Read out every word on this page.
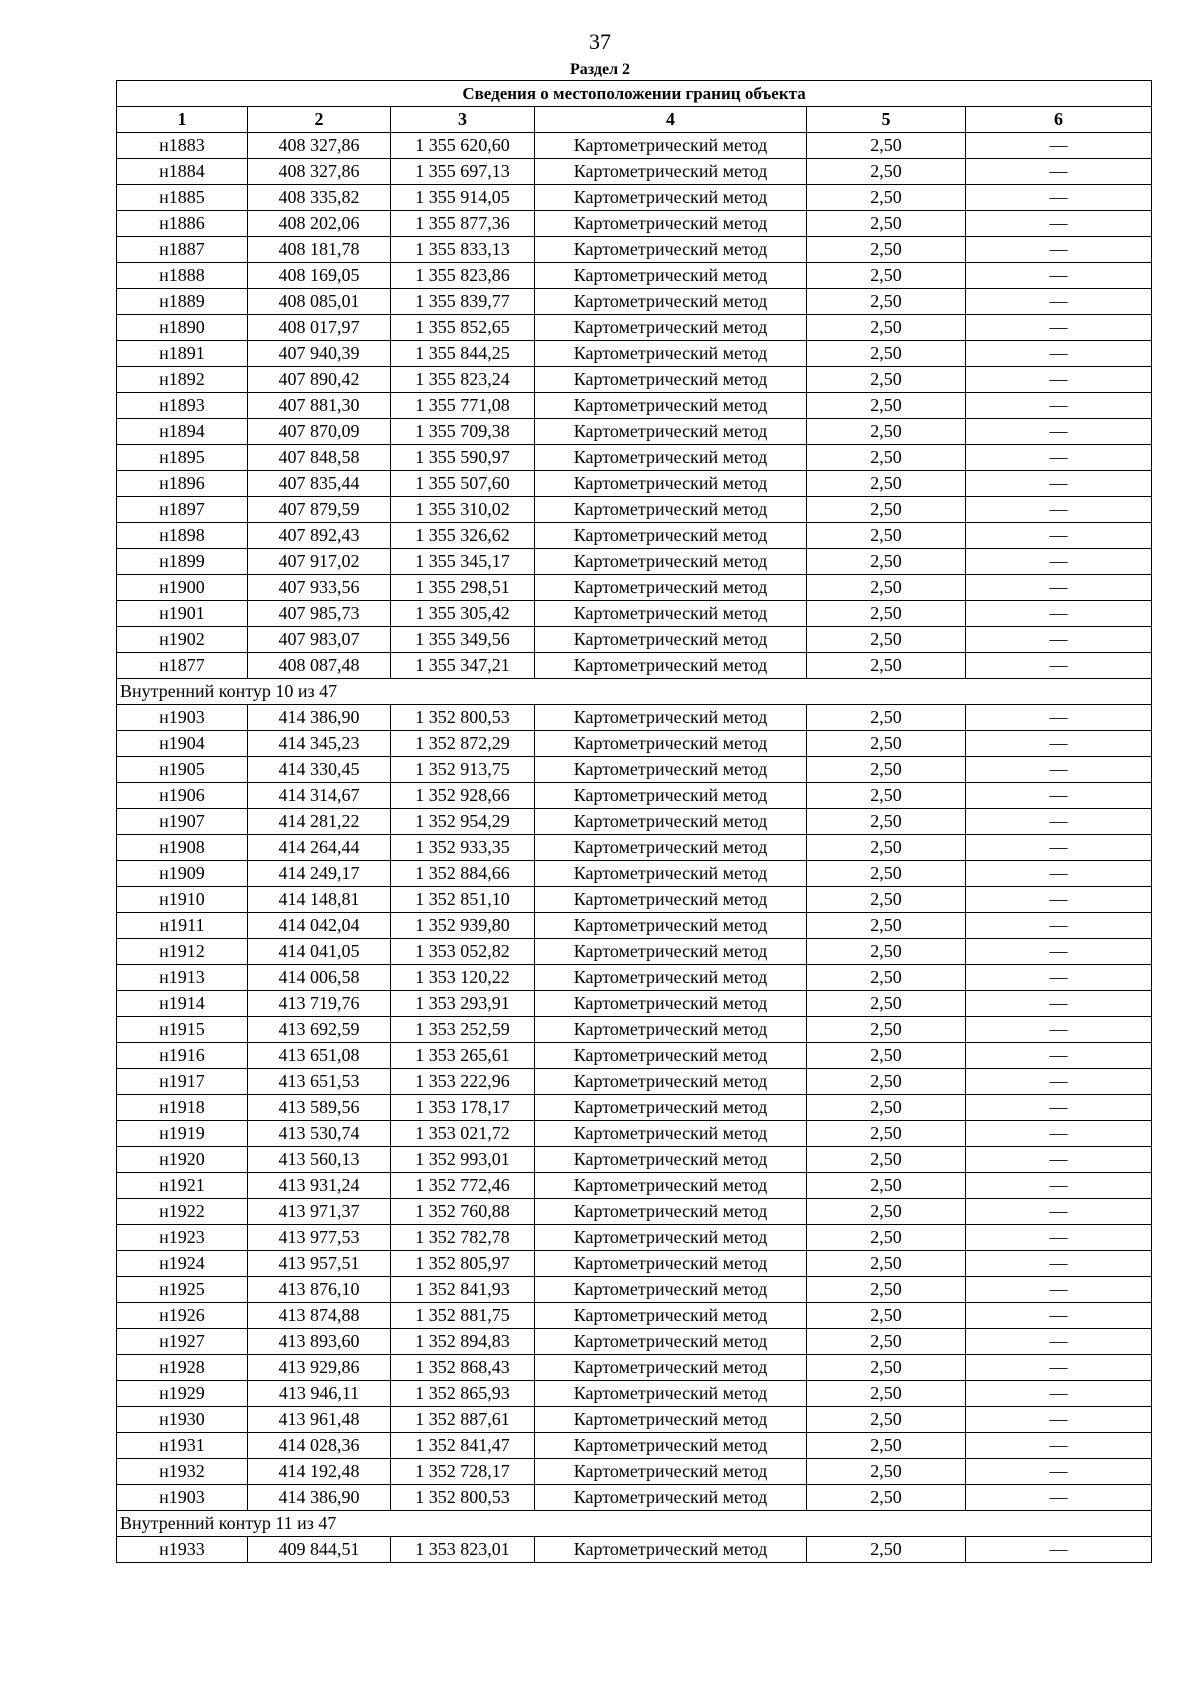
37
Раздел 2
Сведения о местоположении границ объекта					
1	2	3	4	5	6
н1883	408 327,86	1 355 620,60	Картометрический метод	2,50	—
н1884	408 327,86	1 355 697,13	Картометрический метод	2,50	—
н1885	408 335,82	1 355 914,05	Картометрический метод	2,50	—
н1886	408 202,06	1 355 877,36	Картометрический метод	2,50	—
н1887	408 181,78	1 355 833,13	Картометрический метод	2,50	—
н1888	408 169,05	1 355 823,86	Картометрический метод	2,50	—
н1889	408 085,01	1 355 839,77	Картометрический метод	2,50	—
н1890	408 017,97	1 355 852,65	Картометрический метод	2,50	—
н1891	407 940,39	1 355 844,25	Картометрический метод	2,50	—
н1892	407 890,42	1 355 823,24	Картометрический метод	2,50	—
н1893	407 881,30	1 355 771,08	Картометрический метод	2,50	—
н1894	407 870,09	1 355 709,38	Картометрический метод	2,50	—
н1895	407 848,58	1 355 590,97	Картометрический метод	2,50	—
н1896	407 835,44	1 355 507,60	Картометрический метод	2,50	—
н1897	407 879,59	1 355 310,02	Картометрический метод	2,50	—
н1898	407 892,43	1 355 326,62	Картометрический метод	2,50	—
н1899	407 917,02	1 355 345,17	Картометрический метод	2,50	—
н1900	407 933,56	1 355 298,51	Картометрический метод	2,50	—
н1901	407 985,73	1 355 305,42	Картометрический метод	2,50	—
н1902	407 983,07	1 355 349,56	Картометрический метод	2,50	—
н1877	408 087,48	1 355 347,21	Картометрический метод	2,50	—
Внутренний контур 10 из 47					
н1903	414 386,90	1 352 800,53	Картометрический метод	2,50	—
н1904	414 345,23	1 352 872,29	Картометрический метод	2,50	—
н1905	414 330,45	1 352 913,75	Картометрический метод	2,50	—
н1906	414 314,67	1 352 928,66	Картометрический метод	2,50	—
н1907	414 281,22	1 352 954,29	Картометрический метод	2,50	—
н1908	414 264,44	1 352 933,35	Картометрический метод	2,50	—
н1909	414 249,17	1 352 884,66	Картометрический метод	2,50	—
н1910	414 148,81	1 352 851,10	Картометрический метод	2,50	—
н1911	414 042,04	1 352 939,80	Картометрический метод	2,50	—
н1912	414 041,05	1 353 052,82	Картометрический метод	2,50	—
н1913	414 006,58	1 353 120,22	Картометрический метод	2,50	—
н1914	413 719,76	1 353 293,91	Картометрический метод	2,50	—
н1915	413 692,59	1 353 252,59	Картометрический метод	2,50	—
н1916	413 651,08	1 353 265,61	Картометрический метод	2,50	—
н1917	413 651,53	1 353 222,96	Картометрический метод	2,50	—
н1918	413 589,56	1 353 178,17	Картометрический метод	2,50	—
н1919	413 530,74	1 353 021,72	Картометрический метод	2,50	—
н1920	413 560,13	1 352 993,01	Картометрический метод	2,50	—
н1921	413 931,24	1 352 772,46	Картометрический метод	2,50	—
н1922	413 971,37	1 352 760,88	Картометрический метод	2,50	—
н1923	413 977,53	1 352 782,78	Картометрический метод	2,50	—
н1924	413 957,51	1 352 805,97	Картометрический метод	2,50	—
н1925	413 876,10	1 352 841,93	Картометрический метод	2,50	—
н1926	413 874,88	1 352 881,75	Картометрический метод	2,50	—
н1927	413 893,60	1 352 894,83	Картометрический метод	2,50	—
н1928	413 929,86	1 352 868,43	Картометрический метод	2,50	—
н1929	413 946,11	1 352 865,93	Картометрический метод	2,50	—
н1930	413 961,48	1 352 887,61	Картометрический метод	2,50	—
н1931	414 028,36	1 352 841,47	Картометрический метод	2,50	—
н1932	414 192,48	1 352 728,17	Картометрический метод	2,50	—
н1903	414 386,90	1 352 800,53	Картометрический метод	2,50	—
Внутренний контур 11 из 47					
н1933	409 844,51	1 353 823,01	Картометрический метод	2,50	—
